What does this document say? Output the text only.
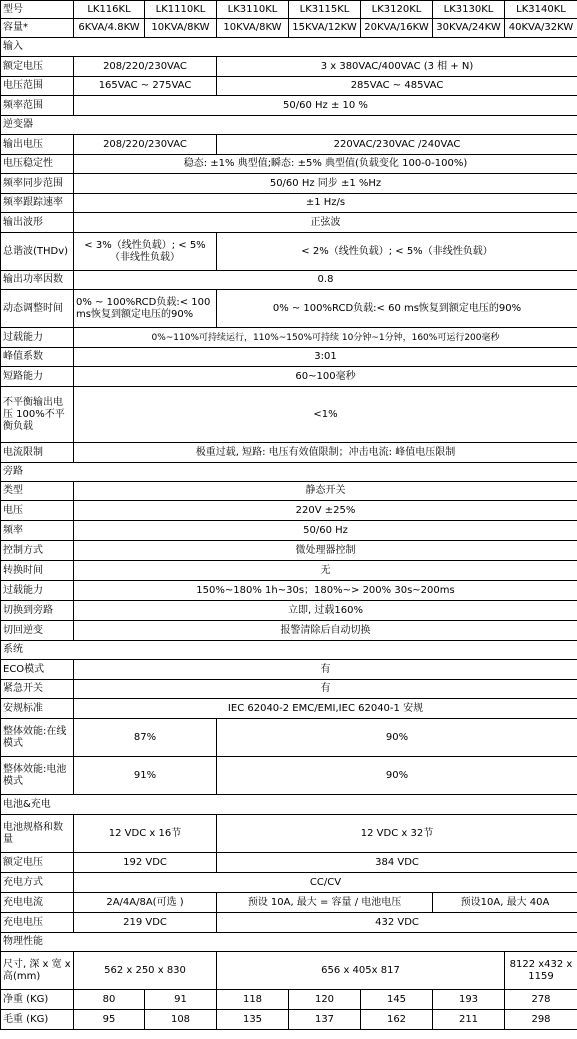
型号	LK116KL	LK1110KL	LK3110KL	LK3115KL	LK3120KL	LK3130KL	LK3140KL
容量*	6KVA/4.8KW	10KVA/8KW	10KVA/8KW	15KVA/12KW	20KVA/16KW	30KVA/24KW	40KVA/32KW
输入							
额定电压	208/220/230VAC		3 x 380VAC/400VAC (3 相 + N)				
电压范围	165VAC ~ 275VAC		285VAC ~ 485VAC				
频率范围	50/60 Hz ± 10 %						
逆变器							
输出电压	208/220/230VAC		220VAC/230VAC /240VAC				
电压稳定性	稳态: ±1% 典型值;瞬态: ±5% 典型值(负载变化 100-0-100%)						
频率同步范围	50/60 Hz 同步 ±1 %Hz						
频率跟踪速率	±1 Hz/s						
输出波形	正弦波						
总谐波(THDv)	< 3%（线性负载）; < 5%（非线性负载）		< 2%（线性负载）; < 5%（非线性负载）				
输出功率因数	0.8						
动态调整时间	0% ~ 100%RCD负载:< 100 ms恢复到额定电压的90%		0% ~ 100%RCD负载:< 60 ms恢复到额定电压的90%				
过载能力	0%~110%可持续运行，110%~150%可持续 10分钟~1分钟，160%可运行200毫秒						
峰值系数	3:01						
短路能力	60~100毫秒						
不平衡输出电压 100%不平衡负载	<1%						
电流限制	极重过载, 短路: 电压有效值限制；冲击电流: 峰值电压限制						
旁路							
类型	静态开关						
电压	220V ±25%						
频率	50/60 Hz						
控制方式	微处理器控制						
转换时间	无						
过载能力	150%~180% 1h~30s；180%~> 200% 30s~200ms						
切换到旁路	立即, 过载160%						
切回逆变	报警清除后自动切换						
系统							
ECO模式	有						
紧急开关	有						
安规标准	IEC 62040-2 EMC/EMI,IEC 62040-1 安规						
整体效能:在线模式	87%		90%				
整体效能:电池模式	91%		90%				
电池&充电							
电池规格和数量	12 VDC x 16节		12 VDC x 32节				
额定电压	192 VDC		384 VDC				
充电方式	CC/CV						
充电电流	2A/4A/8A(可选 )		预设 10A, 最大 = 容量 / 电池电压			预设10A, 最大 40A	
充电电压	219 VDC		432 VDC				
物理性能							
尺寸, 深 x 宽 x 高(mm)	562 x 250 x 830		656 x 405x 817				8122 x432 x 1159
净重 (KG)	80	91	118	120	145	193	278
毛重 (KG)	95	108	135	137	162	211	298
